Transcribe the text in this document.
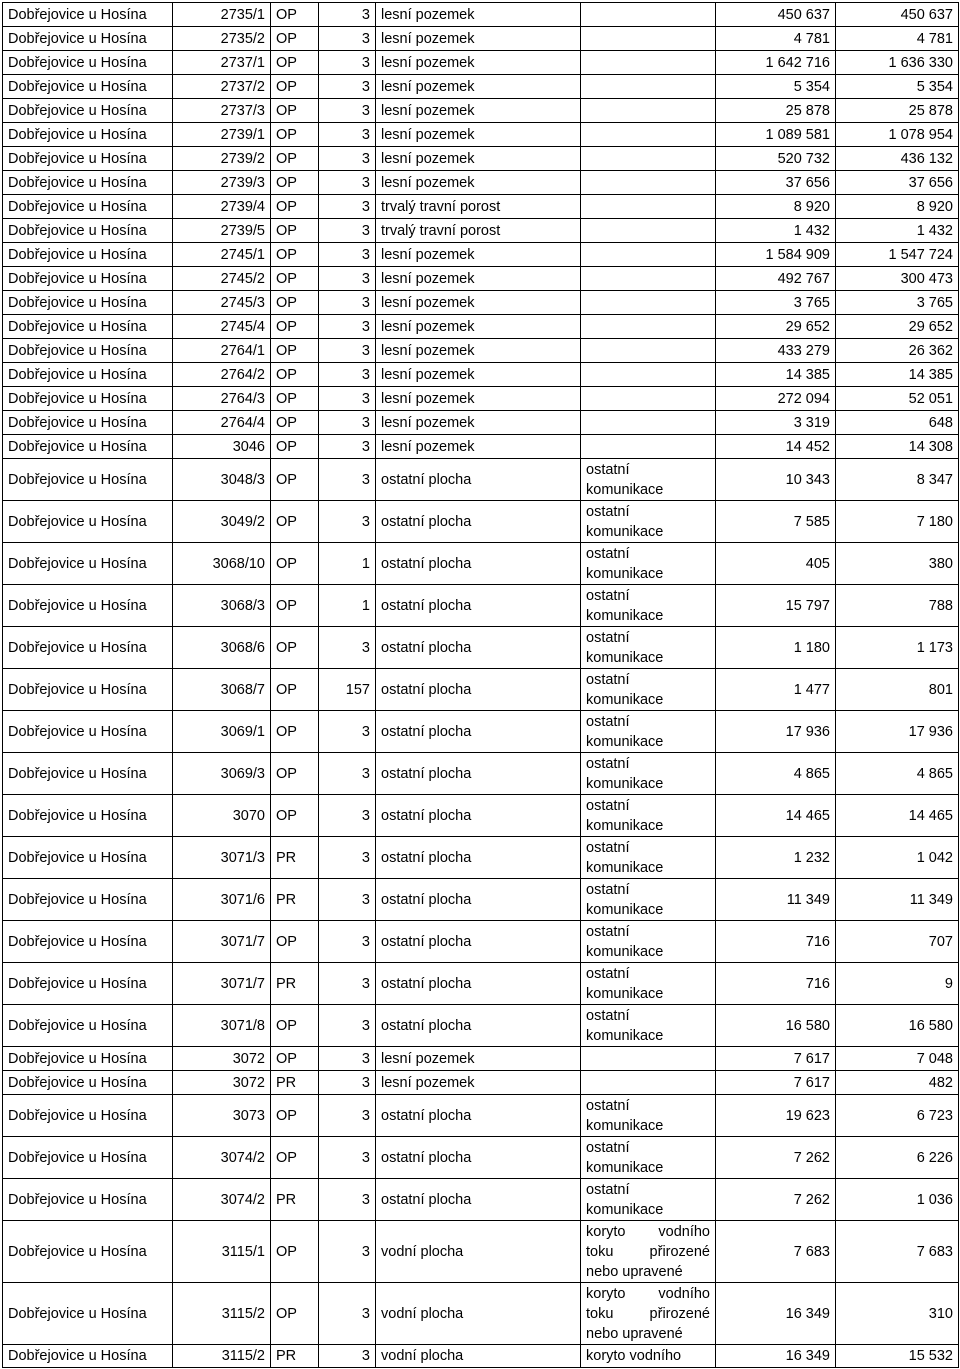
Dobřejovice u Hosína	2735/1	OP	3	lesní pozemek		450 637	450 637
Dobřejovice u Hosína	2735/2	OP	3	lesní pozemek		4 781	4 781
Dobřejovice u Hosína	2737/1	OP	3	lesní pozemek		1 642 716	1 636 330
Dobřejovice u Hosína	2737/2	OP	3	lesní pozemek		5 354	5 354
Dobřejovice u Hosína	2737/3	OP	3	lesní pozemek		25 878	25 878
Dobřejovice u Hosína	2739/1	OP	3	lesní pozemek		1 089 581	1 078 954
Dobřejovice u Hosína	2739/2	OP	3	lesní pozemek		520 732	436 132
Dobřejovice u Hosína	2739/3	OP	3	lesní pozemek		37 656	37 656
Dobřejovice u Hosína	2739/4	OP	3	trvalý travní porost		8 920	8 920
Dobřejovice u Hosína	2739/5	OP	3	trvalý travní porost		1 432	1 432
Dobřejovice u Hosína	2745/1	OP	3	lesní pozemek		1 584 909	1 547 724
Dobřejovice u Hosína	2745/2	OP	3	lesní pozemek		492 767	300 473
Dobřejovice u Hosína	2745/3	OP	3	lesní pozemek		3 765	3 765
Dobřejovice u Hosína	2745/4	OP	3	lesní pozemek		29 652	29 652
Dobřejovice u Hosína	2764/1	OP	3	lesní pozemek		433 279	26 362
Dobřejovice u Hosína	2764/2	OP	3	lesní pozemek		14 385	14 385
Dobřejovice u Hosína	2764/3	OP	3	lesní pozemek		272 094	52 051
Dobřejovice u Hosína	2764/4	OP	3	lesní pozemek		3 319	648
Dobřejovice u Hosína	3046	OP	3	lesní pozemek		14 452	14 308
Dobřejovice u Hosína	3048/3	OP	3	ostatní plocha	ostatní komunikace	10 343	8 347
Dobřejovice u Hosína	3049/2	OP	3	ostatní plocha	ostatní komunikace	7 585	7 180
Dobřejovice u Hosína	3068/10	OP	1	ostatní plocha	ostatní komunikace	405	380
Dobřejovice u Hosína	3068/3	OP	1	ostatní plocha	ostatní komunikace	15 797	788
Dobřejovice u Hosína	3068/6	OP	3	ostatní plocha	ostatní komunikace	1 180	1 173
Dobřejovice u Hosína	3068/7	OP	157	ostatní plocha	ostatní komunikace	1 477	801
Dobřejovice u Hosína	3069/1	OP	3	ostatní plocha	ostatní komunikace	17 936	17 936
Dobřejovice u Hosína	3069/3	OP	3	ostatní plocha	ostatní komunikace	4 865	4 865
Dobřejovice u Hosína	3070	OP	3	ostatní plocha	ostatní komunikace	14 465	14 465
Dobřejovice u Hosína	3071/3	PR	3	ostatní plocha	ostatní komunikace	1 232	1 042
Dobřejovice u Hosína	3071/6	PR	3	ostatní plocha	ostatní komunikace	11 349	11 349
Dobřejovice u Hosína	3071/7	OP	3	ostatní plocha	ostatní komunikace	716	707
Dobřejovice u Hosína	3071/7	PR	3	ostatní plocha	ostatní komunikace	716	9
Dobřejovice u Hosína	3071/8	OP	3	ostatní plocha	ostatní komunikace	16 580	16 580
Dobřejovice u Hosína	3072	OP	3	lesní pozemek		7 617	7 048
Dobřejovice u Hosína	3072	PR	3	lesní pozemek		7 617	482
Dobřejovice u Hosína	3073	OP	3	ostatní plocha	ostatní komunikace	19 623	6 723
Dobřejovice u Hosína	3074/2	OP	3	ostatní plocha	ostatní komunikace	7 262	6 226
Dobřejovice u Hosína	3074/2	PR	3	ostatní plocha	ostatní komunikace	7 262	1 036
Dobřejovice u Hosína	3115/1	OP	3	vodní plocha	koryto vodního toku přirozené nebo upravené	7 683	7 683
Dobřejovice u Hosína	3115/2	OP	3	vodní plocha	koryto vodního toku přirozené nebo upravené	16 349	310
Dobřejovice u Hosína	3115/2	PR	3	vodní plocha	koryto vodního	16 349	15 532
